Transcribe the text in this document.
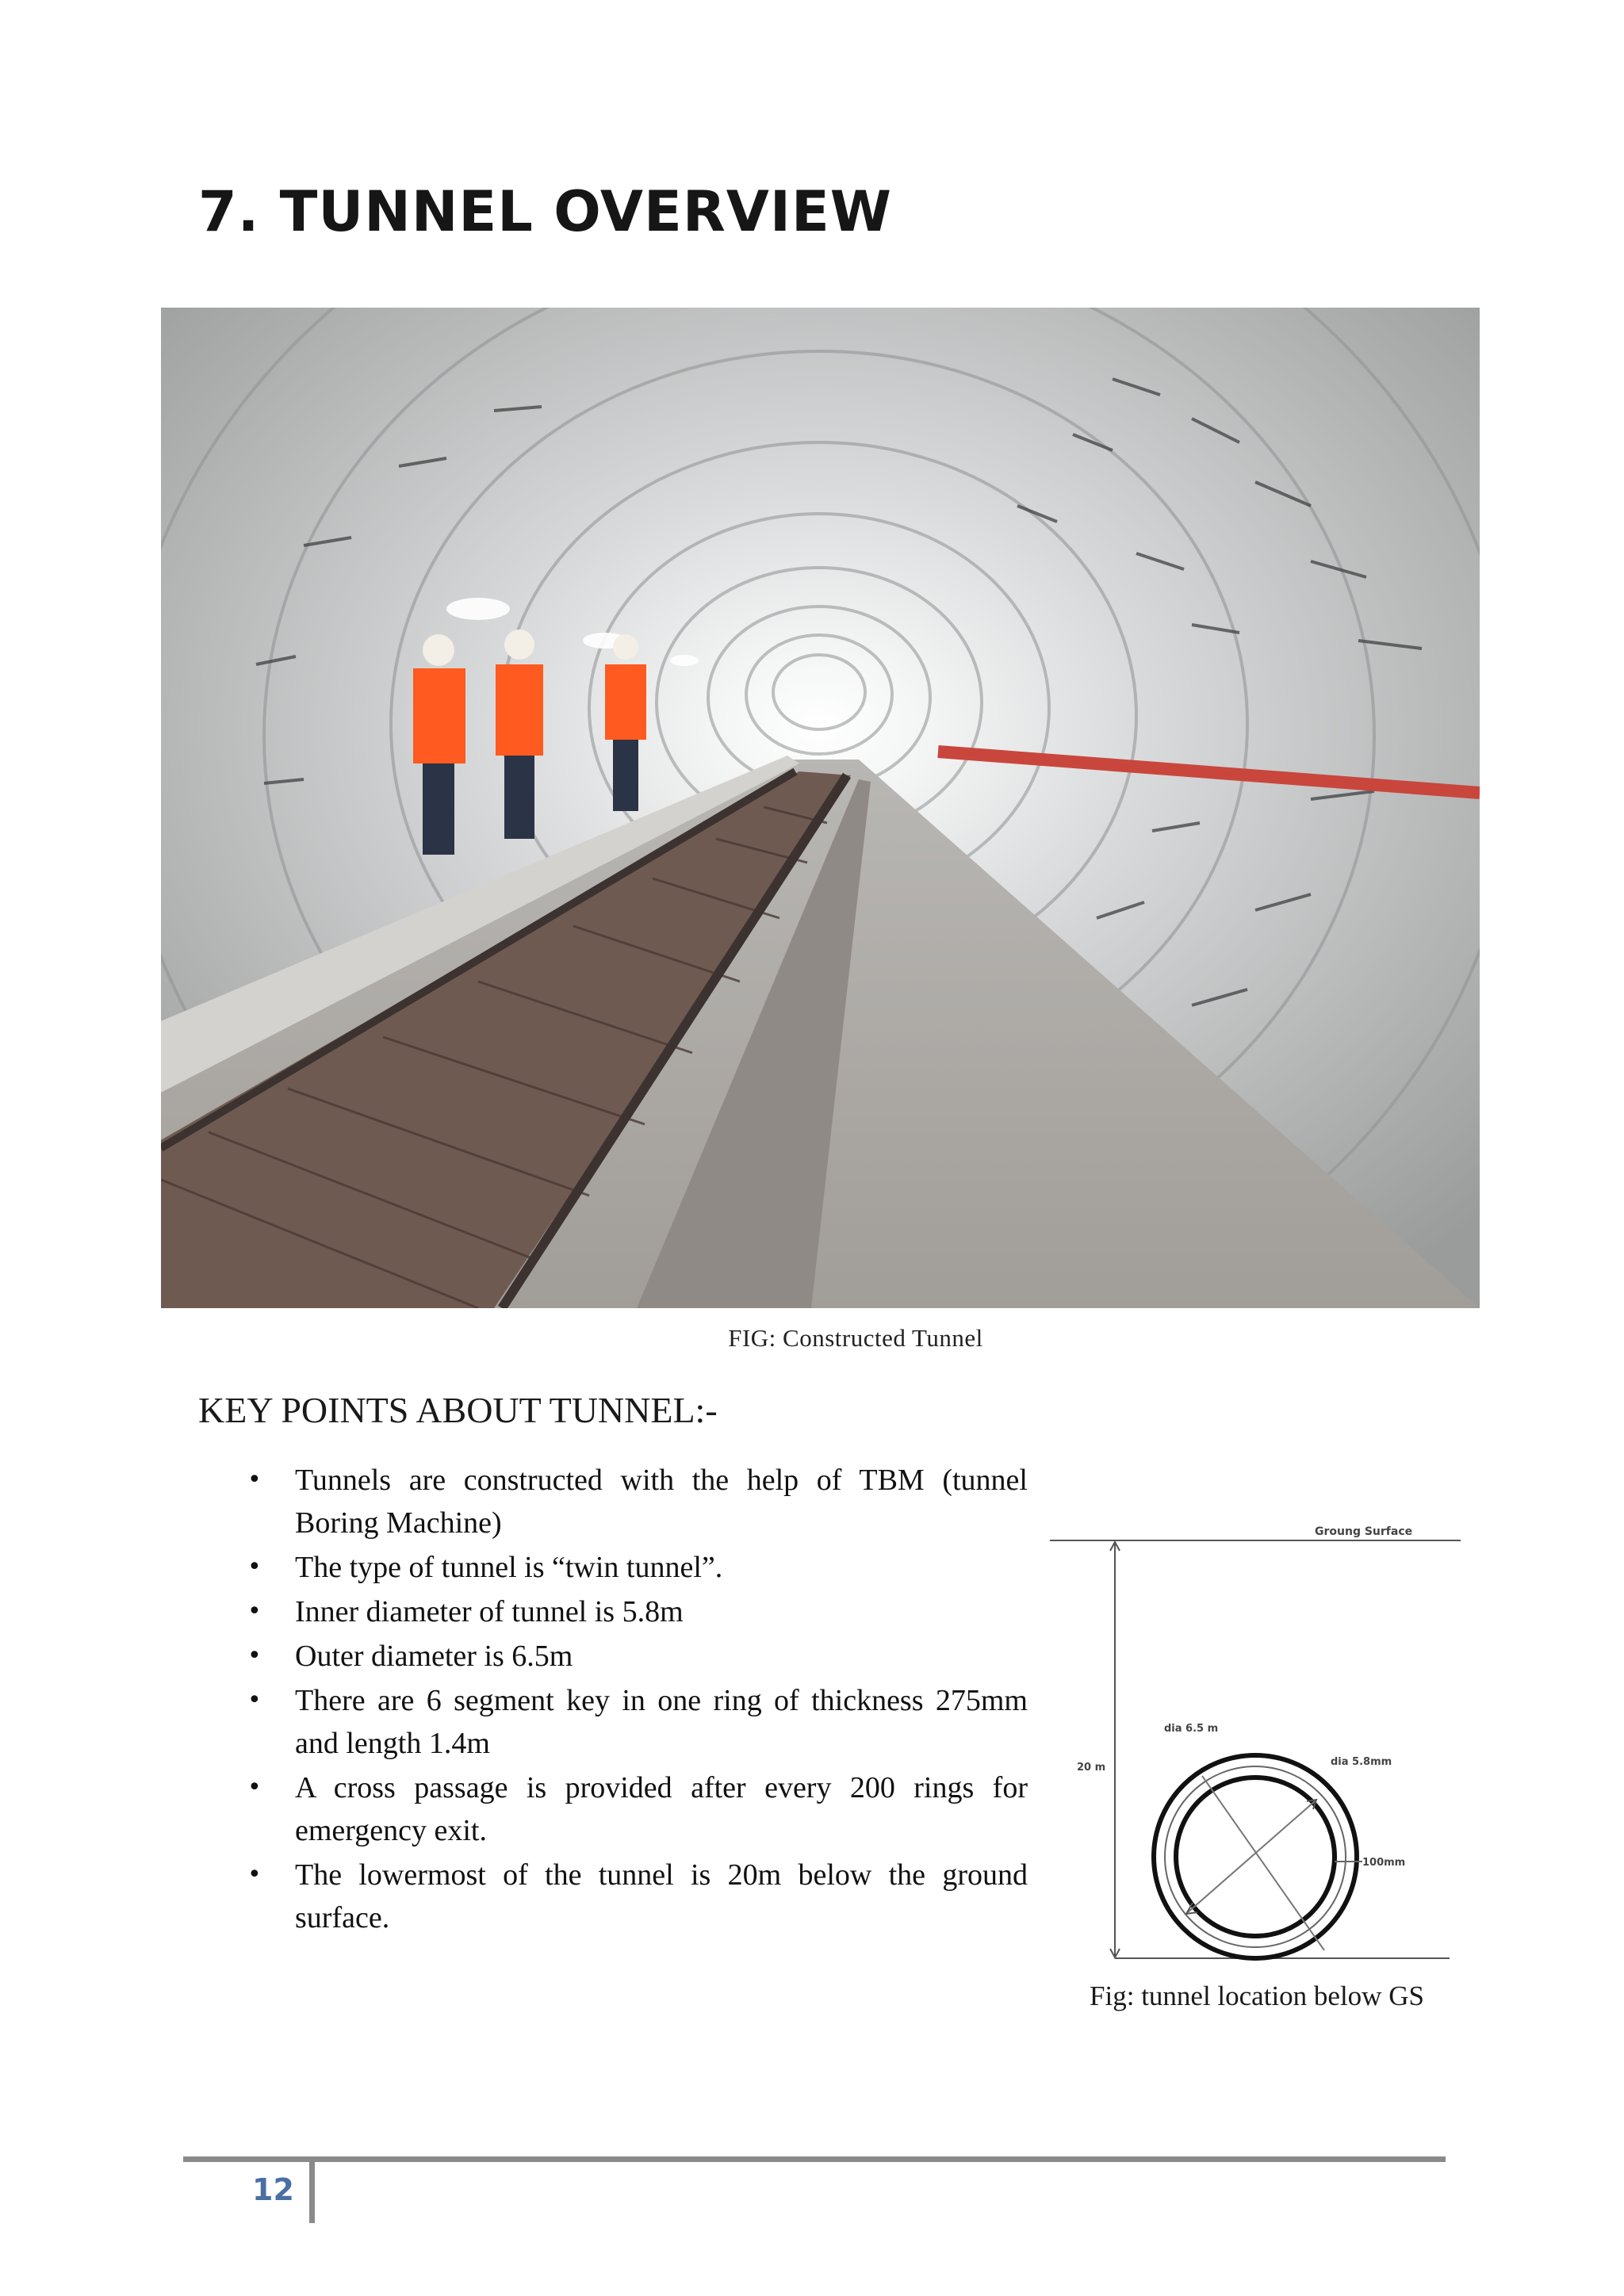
7. TUNNEL OVERVIEW
FIG: Constructed Tunnel
KEY POINTS ABOUT TUNNEL:-
• Tunnels are constructed with the help of TBM (tunnel Boring Machine)
• The type of tunnel is “twin tunnel”.
• Inner diameter of tunnel is 5.8m
• Outer diameter is 6.5m
• There are 6 segment key in one ring of thickness 275mm and length 1.4m
• A cross passage is provided after every 200 rings for emergency exit.
• The lowermost of the tunnel is 20m below the ground surface.
Groung Surface
20 m
dia 6.5 m
dia 5.8mm
100mm
Fig: tunnel location below GS
12
